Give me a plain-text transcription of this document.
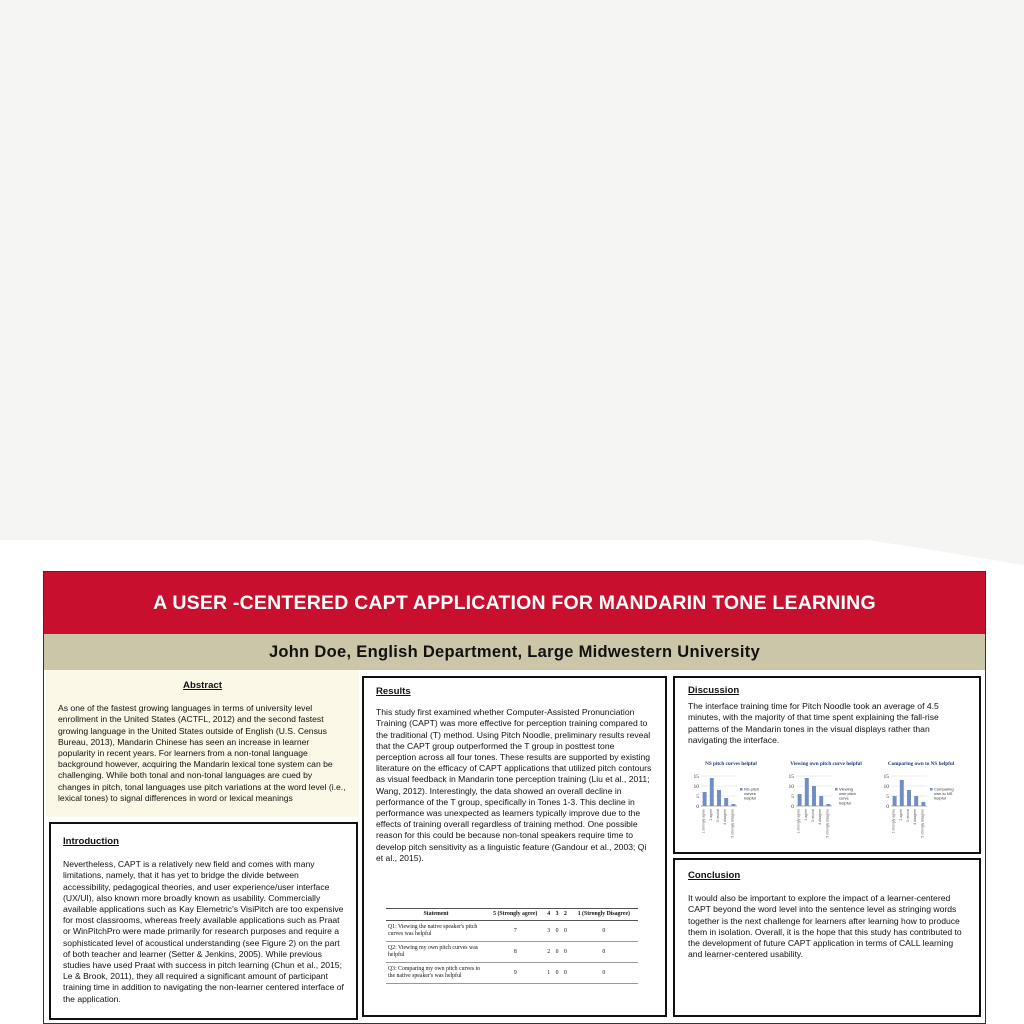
A USER -CENTERED CAPT APPLICATION FOR MANDARIN TONE LEARNING
John Doe, English Department, Large Midwestern University
Abstract

As one of the fastest growing languages in terms of university level enrollment in the United States (ACTFL, 2012) and the second fastest growing language in the United States outside of English (U.S. Census Bureau, 2013), Mandarin Chinese has seen an increase in learner popularity in recent years. For learners from a non-tonal language background however, acquiring the Mandarin lexical tone system can be challenging. While both tonal and non-tonal languages are cued by changes in pitch, tonal languages use pitch variations at the word level (i.e., lexical tones) to signal differences in word or lexical meanings

Introduction

Nevertheless, CAPT is a relatively new field and comes with many limitations, namely, that it has yet to bridge the divide between accessibility, pedagogical theories, and user experience/user interface (UX/UI), also known more broadly known as usability. Commercially available applications such as Kay Elemetric's VisiPitch are too expensive for most classrooms, whereas freely available applications such as Praat or WinPitchPro were made primarily for research purposes and require a sophisticated level of acoustical understanding (see Figure 2) on the part of both teacher and learner (Setter & Jenkins, 2005). While previous studies have used Praat with success in pitch learning (Chun et al., 2015; Le & Brook, 2011), they all required a significant amount of participant training time in addition to navigating the non-learner centered interface of the application.

Results

This study first examined whether Computer-Assisted Pronunciation Training (CAPT) was more effective for perception training compared to the traditional (T) method. Using Pitch Noodle, preliminary results reveal that the CAPT group outperformed the T group in posttest tone perception across all four tones. These results are supported by existing literature on the efficacy of CAPT applications that utilized pitch contours as visual feedback in Mandarin tone perception training (Liu et al., 2011; Wang, 2012). Interestingly, the data showed an overall decline in performance of the T group, specifically in Tones 1-3. This decline in performance was unexpected as learners typically improve due to the effects of training overall regardless of training method. One possible reason for this could be because non-tonal speakers require time to develop pitch sensitivity as a linguistic feature (Gandour et al., 2003; Qi et al., 2015).

Statement	5 (Strongly agree)	4	3	2	1 (Strongly Disagree)
Q1: Viewing the native speaker's pitch curves was helpful	7	3	0	0	0
Q2: Viewing my own pitch curves was helpful	8	2	0	0	0
Q3: Comparing my own pitch curves to the native speaker's was helpful	9	1	0	0	0
Discussion

The interface training time for Pitch Noodle took an average of 4.5 minutes, with the majority of that time spent explaining the fall-rise patterns of the Mandarin tones in the visual displays rather than navigating the interface.

NS pitch curves helpful
15
10
5
0
1 strongly agree 2 agree 3 neutral 4 disagree 5 strongly disagree
NS pitch curves helpful
Viewing own pitch curve helpful
15
10
5
0
1 strongly agree 2 agree 3 neutral 4 disagree 5 strongly disagree
Viewing own pitch curve helpful
Comparing own to NS helpful
15
10
5
0
1 strongly agree 2 agree 3 neutral 4 disagree 5 strongly disagree
Comparing own to NS helpful
Conclusion

It would also be important to explore the impact of a learner-centered CAPT beyond the word level into the sentence level as stringing words together is the next challenge for learners after learning how to produce them in isolation. Overall, it is the hope that this study has contributed to the development of future CAPT application in terms of CALL learning and learner-centered usability.
